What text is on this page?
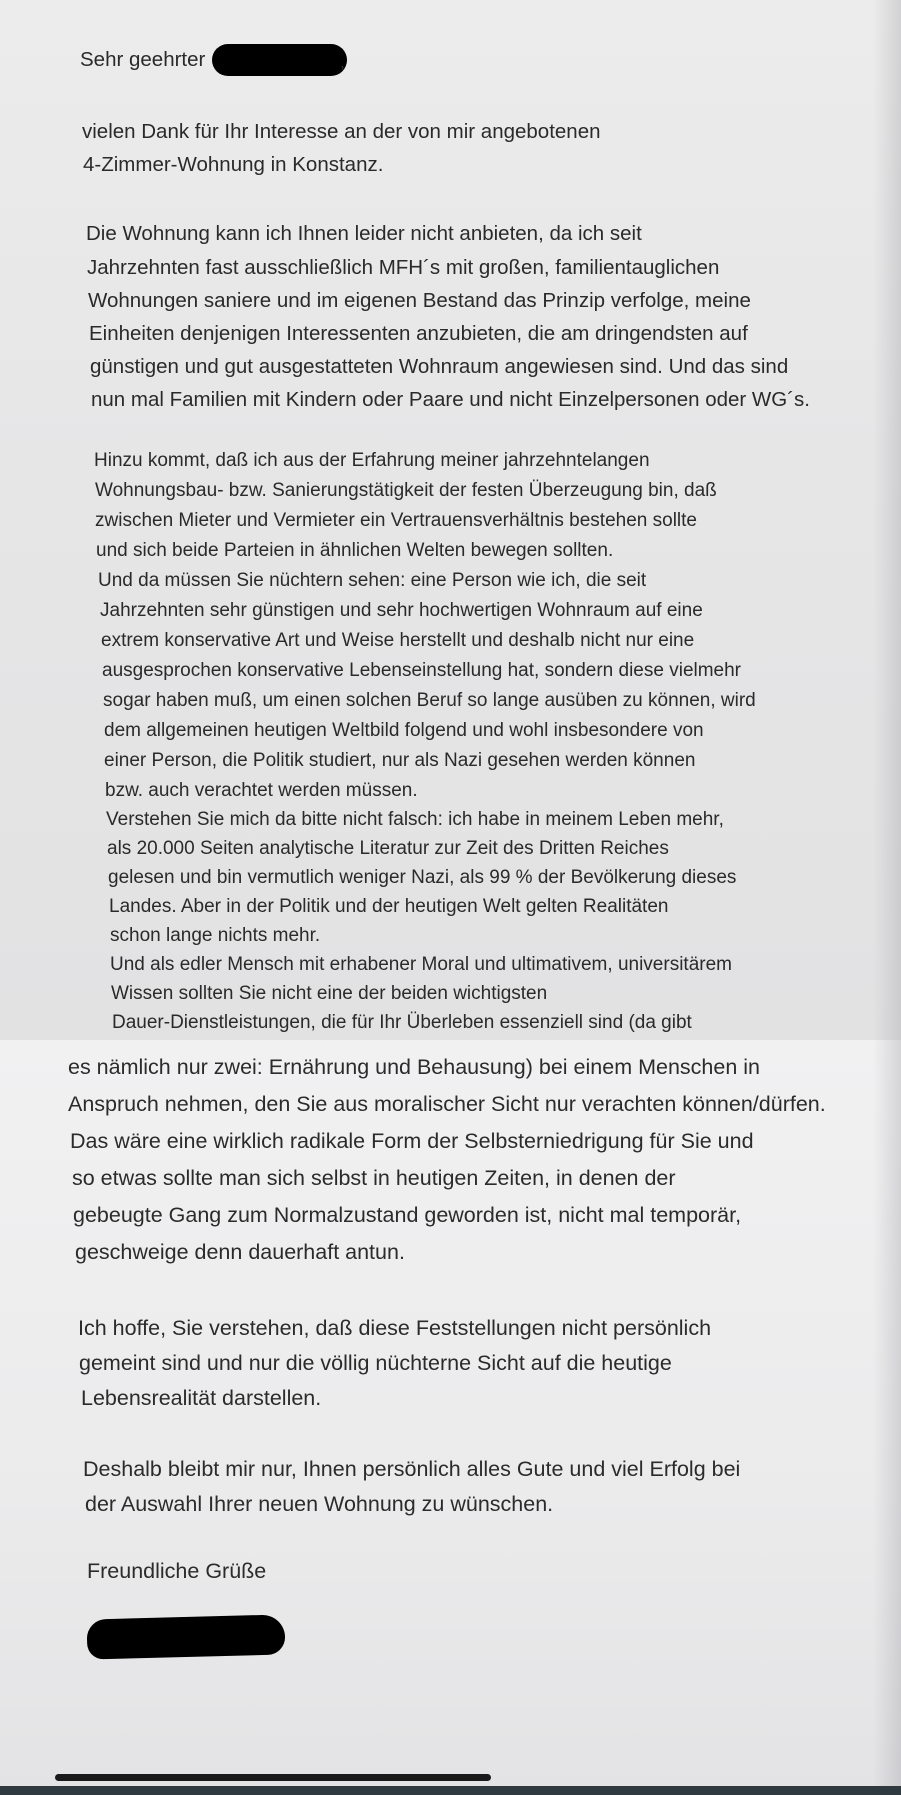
Sehr geehrter	,

vielen Dank für Ihr Interesse an der von mir angebotenen

4-Zimmer-Wohnung in Konstanz.

Die Wohnung kann ich Ihnen leider nicht anbieten, da ich seit

Jahrzehnten fast ausschließlich MFH´s mit großen, familientauglichen

Wohnungen saniere und im eigenen Bestand das Prinzip verfolge, meine

Einheiten denjenigen Interessenten anzubieten, die am dringendsten auf

günstigen und gut ausgestatteten Wohnraum angewiesen sind. Und das sind

nun mal Familien mit Kindern oder Paare und nicht Einzelpersonen oder WG´s.

Hinzu kommt, daß ich aus der Erfahrung meiner jahrzehntelangen

Wohnungsbau- bzw. Sanierungstätigkeit der festen Überzeugung bin, daß

zwischen Mieter und Vermieter ein Vertrauensverhältnis bestehen sollte

und sich beide Parteien in ähnlichen Welten bewegen sollten.

Und da müssen Sie nüchtern sehen: eine Person wie ich, die seit

Jahrzehnten sehr günstigen und sehr hochwertigen Wohnraum auf eine

extrem konservative Art und Weise herstellt und deshalb nicht nur eine

ausgesprochen konservative Lebenseinstellung hat, sondern diese vielmehr

sogar haben muß, um einen solchen Beruf so lange ausüben zu können, wird

dem allgemeinen heutigen Weltbild folgend und wohl insbesondere von

einer Person, die Politik studiert, nur als Nazi gesehen werden können

bzw. auch verachtet werden müssen.

Verstehen Sie mich da bitte nicht falsch: ich habe in meinem Leben mehr,

als 20.000 Seiten analytische Literatur zur Zeit des Dritten Reiches

gelesen und bin vermutlich weniger Nazi, als 99 % der Bevölkerung dieses

Landes. Aber in der Politik und der heutigen Welt gelten Realitäten

schon lange nichts mehr.

Und als edler Mensch mit erhabener Moral und ultimativem, universitärem

Wissen sollten Sie nicht eine der beiden wichtigsten

Dauer-Dienstleistungen, die für Ihr Überleben essenziell sind (da gibt

es nämlich nur zwei: Ernährung und Behausung) bei einem Menschen in

Anspruch nehmen, den Sie aus moralischer Sicht nur verachten können/dürfen.

Das wäre eine wirklich radikale Form der Selbsterniedrigung für Sie und

so etwas sollte man sich selbst in heutigen Zeiten, in denen der

gebeugte Gang zum Normalzustand geworden ist, nicht mal temporär,

geschweige denn dauerhaft antun.

Ich hoffe, Sie verstehen, daß diese Feststellungen nicht persönlich

gemeint sind und nur die völlig nüchterne Sicht auf die heutige

Lebensrealität darstellen.

Deshalb bleibt mir nur, Ihnen persönlich alles Gute und viel Erfolg bei

der Auswahl Ihrer neuen Wohnung zu wünschen.

Freundliche Grüße
